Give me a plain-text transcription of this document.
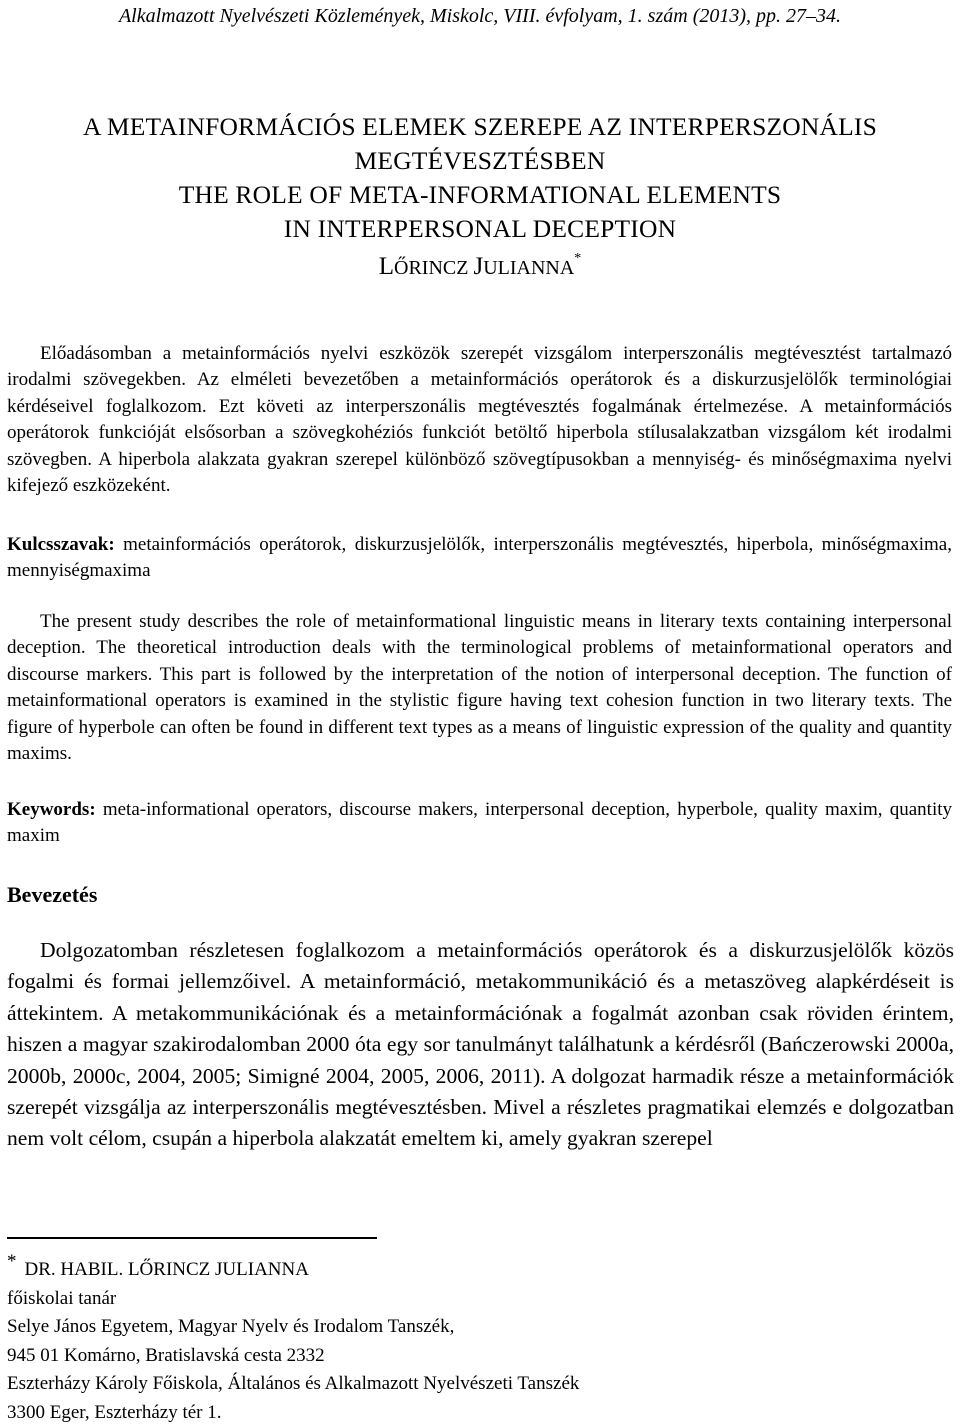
Alkalmazott Nyelvészeti Közlemények, Miskolc, VIII. évfolyam, 1. szám (2013), pp. 27–34.
A METAINFORMÁCIÓS ELEMEK SZEREPE AZ INTERPERSZONÁLIS
MEGTÉVESZTÉSBEN
THE ROLE OF META-INFORMATIONAL ELEMENTS
IN INTERPERSONAL DECEPTION
LŐRINCZ JULIANNA*

Előadásomban a metainformációs nyelvi eszközök szerepét vizsgálom interperszonális megtévesztést tartalmazó irodalmi szövegekben. Az elméleti bevezetőben a metainformációs operátorok és a diskurzusjelölők terminológiai kérdéseivel foglalkozom. Ezt követi az interperszonális megtévesztés fogalmának értelmezése. A metainformációs operátorok funkcióját elsősorban a szövegkohéziós funkciót betöltő hiperbola stílusalakzatban vizsgálom két irodalmi szövegben. A hiperbola alakzata gyakran szerepel különböző szövegtípusokban a mennyiség- és minőségmaxima nyelvi kifejező eszközeként.

Kulcsszavak: metainformációs operátorok, diskurzusjelölők, interperszonális megtévesztés, hiperbola, minőségmaxima, mennyiségmaxima

The present study describes the role of metainformational linguistic means in literary texts containing interpersonal deception. The theoretical introduction deals with the terminological problems of metainformational operators and discourse markers. This part is followed by the interpretation of the notion of interpersonal deception. The function of metainformational operators is examined in the stylistic figure having text cohesion function in two literary texts. The figure of hyperbole can often be found in different text types as a means of linguistic expression of the quality and quantity maxims.

Keywords: meta-informational operators, discourse makers, interpersonal deception, hyperbole, quality maxim, quantity maxim

Bevezetés

Dolgozatomban részletesen foglalkozom a metainformációs operátorok és a diskurzusjelölők közös fogalmi és formai jellemzőivel. A metainformáció, metakommunikáció és a metaszöveg alapkérdéseit is áttekintem. A metakommunikációnak és a metainformációnak a fogalmát azonban csak röviden érintem, hiszen a magyar szakirodalomban 2000 óta egy sor tanulmányt találhatunk a kérdésről (Bańczerowski 2000a, 2000b, 2000c, 2004, 2005; Simigné 2004, 2005, 2006, 2011). A dolgozat harmadik része a metainformációk szerepét vizsgálja az interperszonális megtévesztésben. Mivel a részletes pragmatikai elemzés e dolgozatban nem volt célom, csupán a hiperbola alakzatát emeltem ki, amely gyakran szerepel

* DR. HABIL. LŐRINCZ JULIANNA
főiskolai tanár
Selye János Egyetem, Magyar Nyelv és Irodalom Tanszék,
945 01 Komárno, Bratislavská cesta 2332
Eszterházy Károly Főiskola, Általános és Alkalmazott Nyelvészeti Tanszék
3300 Eger, Eszterházy tér 1.
